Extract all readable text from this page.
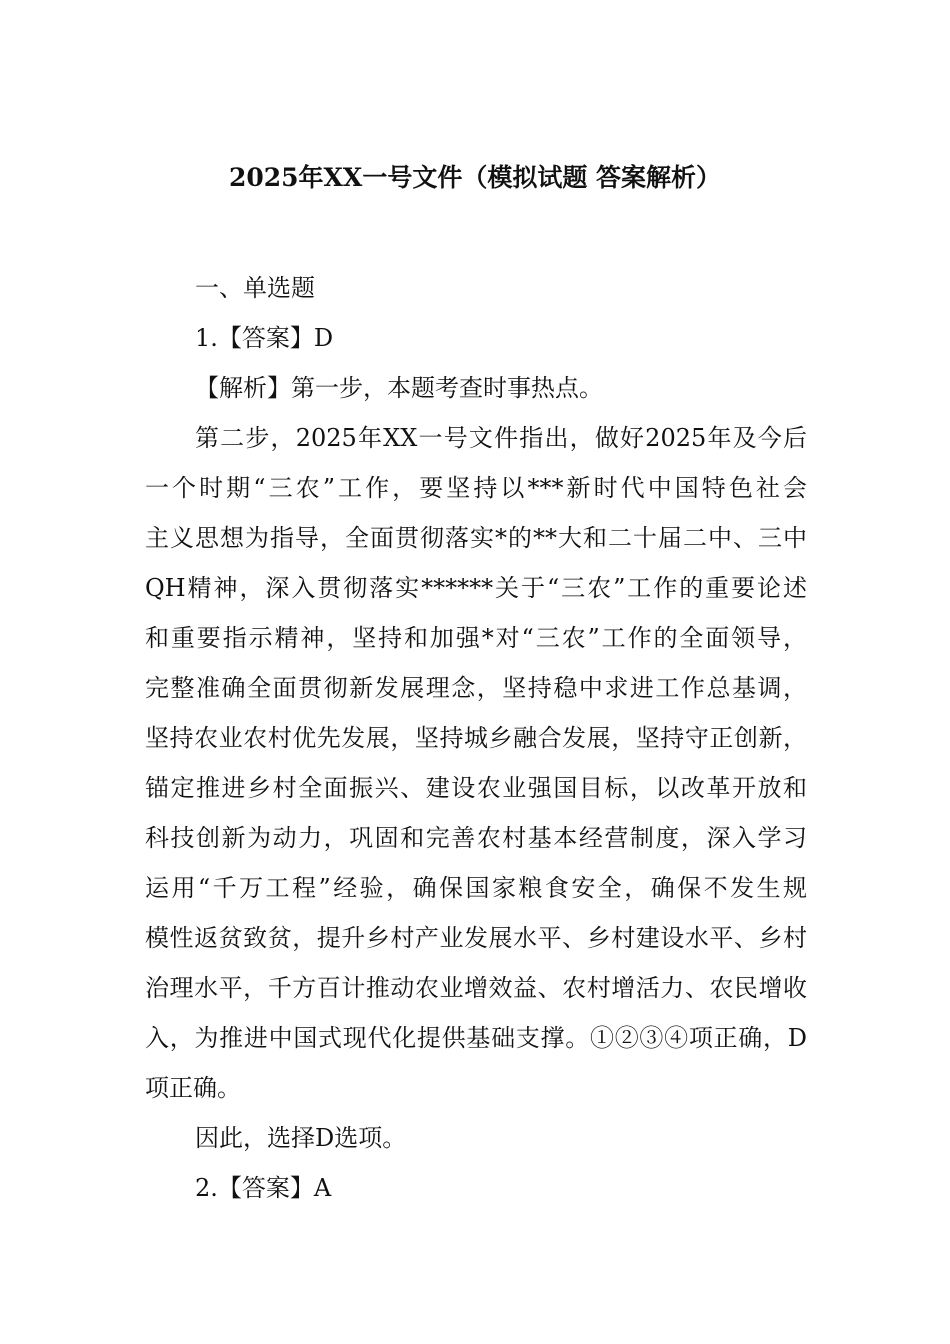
2025年XX一号文件（模拟试题 答案解析）
一、单选题
1.【答案】D
【解析】第一步，本题考查时事热点。
第二步，2025年XX一号文件指出，做好2025年及今后
一个时期“三农”工作，要坚持以***新时代中国特色社会
主义思想为指导，全面贯彻落实*的**大和二十届二中、三中
QH精神，深入贯彻落实******关于“三农”工作的重要论述
和重要指示精神，坚持和加强*对“三农”工作的全面领导，
完整准确全面贯彻新发展理念，坚持稳中求进工作总基调，
坚持农业农村优先发展，坚持城乡融合发展，坚持守正创新，
锚定推进乡村全面振兴、建设农业强国目标，以改革开放和
科技创新为动力，巩固和完善农村基本经营制度，深入学习
运用“千万工程”经验，确保国家粮食安全，确保不发生规
模性返贫致贫，提升乡村产业发展水平、乡村建设水平、乡村
治理水平，千方百计推动农业增效益、农村增活力、农民增收
入，为推进中国式现代化提供基础支撑。①②③④项正确，D
项正确。
因此，选择D选项。
2.【答案】A
